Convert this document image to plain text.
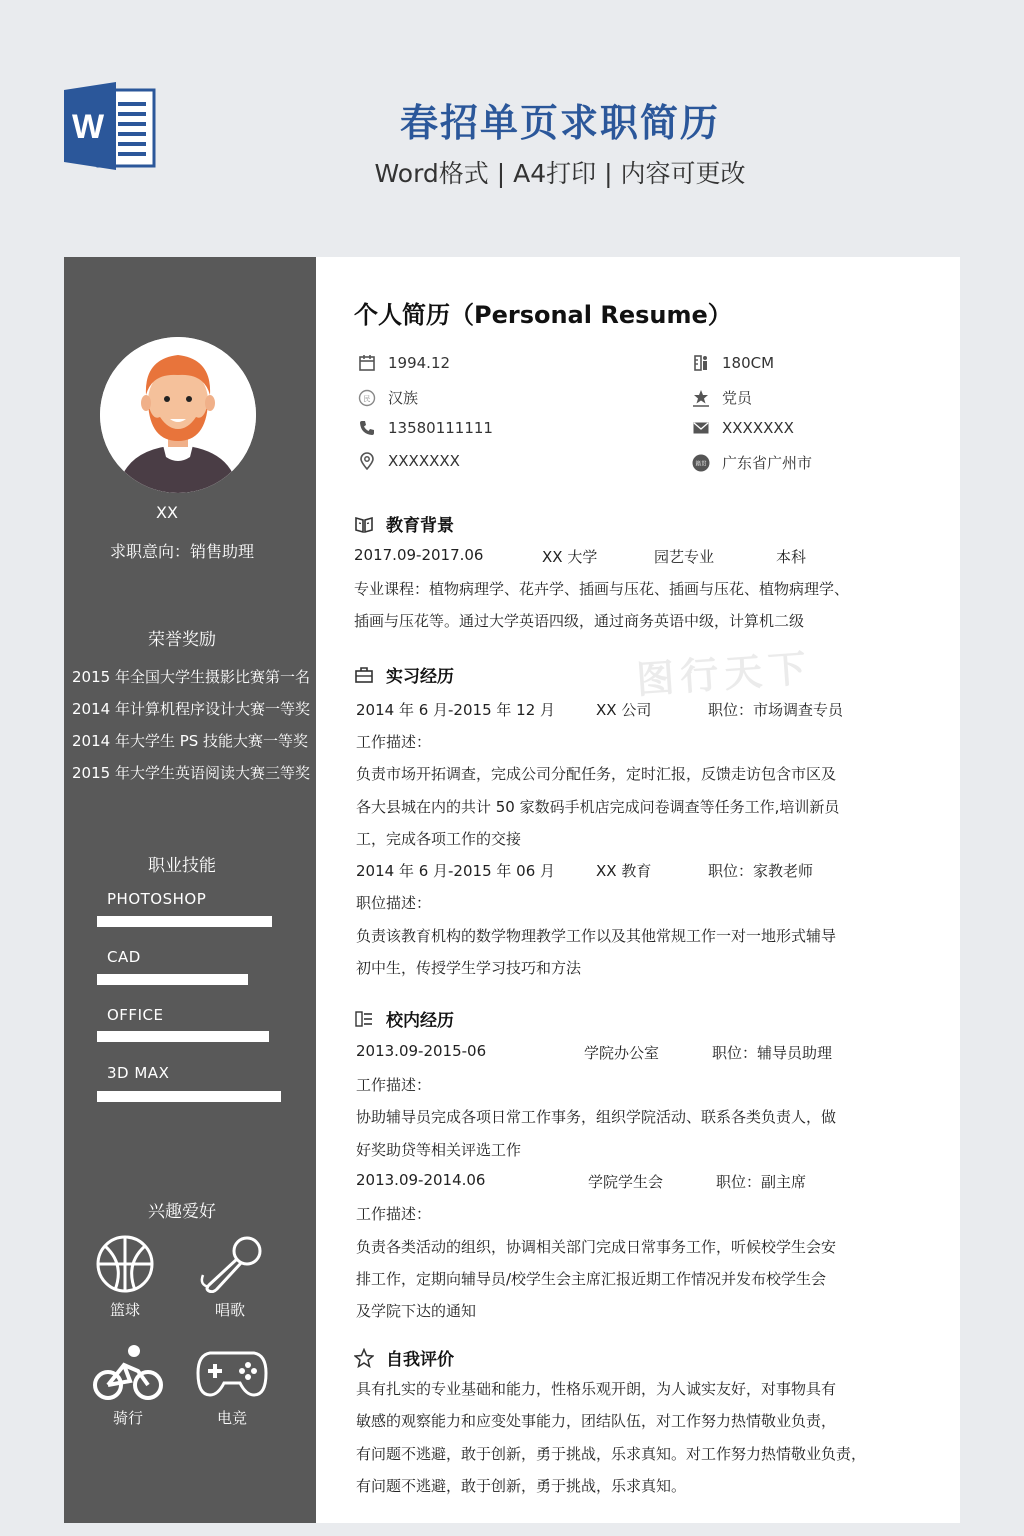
W	春招单页求职简历
Word格式 | A4打印 | 内容可更改
XX
求职意向：销售助理
荣誉奖励
2015 年全国大学生摄影比赛第一名
2014 年计算机程序设计大赛一等奖
2014 年大学生 PS 技能大赛一等奖
2015 年大学生英语阅读大赛三等奖
职业技能
PHOTOSHOP
CAD
OFFICE
3D MAX
兴趣爱好
篮球	唱歌
骑行	电竞
个人简历（Personal Resume）
1994.12	180CM
民 汉族	党员
13580111111	XXXXXXX
XXXXXXX	籍贯 广东省广州市
教育背景
2017.09-2017.06	XX 大学	园艺专业	本科
专业课程：植物病理学、花卉学、插画与压花、插画与压花、植物病理学、
插画与压花等。通过大学英语四级，通过商务英语中级，计算机二级
图行天下
实习经历
2014 年 6 月-2015 年 12 月	XX 公司	职位：市场调查专员
工作描述：
负责市场开拓调查，完成公司分配任务，定时汇报，反馈走访包含市区及
各大县城在内的共计 50 家数码手机店完成问卷调查等任务工作,培训新员
工，完成各项工作的交接
2014 年 6 月-2015 年 06 月	XX 教育	职位：家教老师
职位描述：
负责该教育机构的数学物理教学工作以及其他常规工作一对一地形式辅导
初中生，传授学生学习技巧和方法
校内经历
2013.09-2015-06	学院办公室	职位：辅导员助理
工作描述：
协助辅导员完成各项日常工作事务，组织学院活动、联系各类负责人，做
好奖助贷等相关评选工作
2013.09-2014.06	学院学生会	职位：副主席
工作描述：
负责各类活动的组织，协调相关部门完成日常事务工作，听候校学生会安
排工作，定期向辅导员/校学生会主席汇报近期工作情况并发布校学生会
及学院下达的通知
自我评价
具有扎实的专业基础和能力，性格乐观开朗，为人诚实友好，对事物具有
敏感的观察能力和应变处事能力，团结队伍，对工作努力热情敬业负责，
有问题不逃避，敢于创新，勇于挑战，乐求真知。对工作努力热情敬业负责，
有问题不逃避，敢于创新，勇于挑战，乐求真知。
